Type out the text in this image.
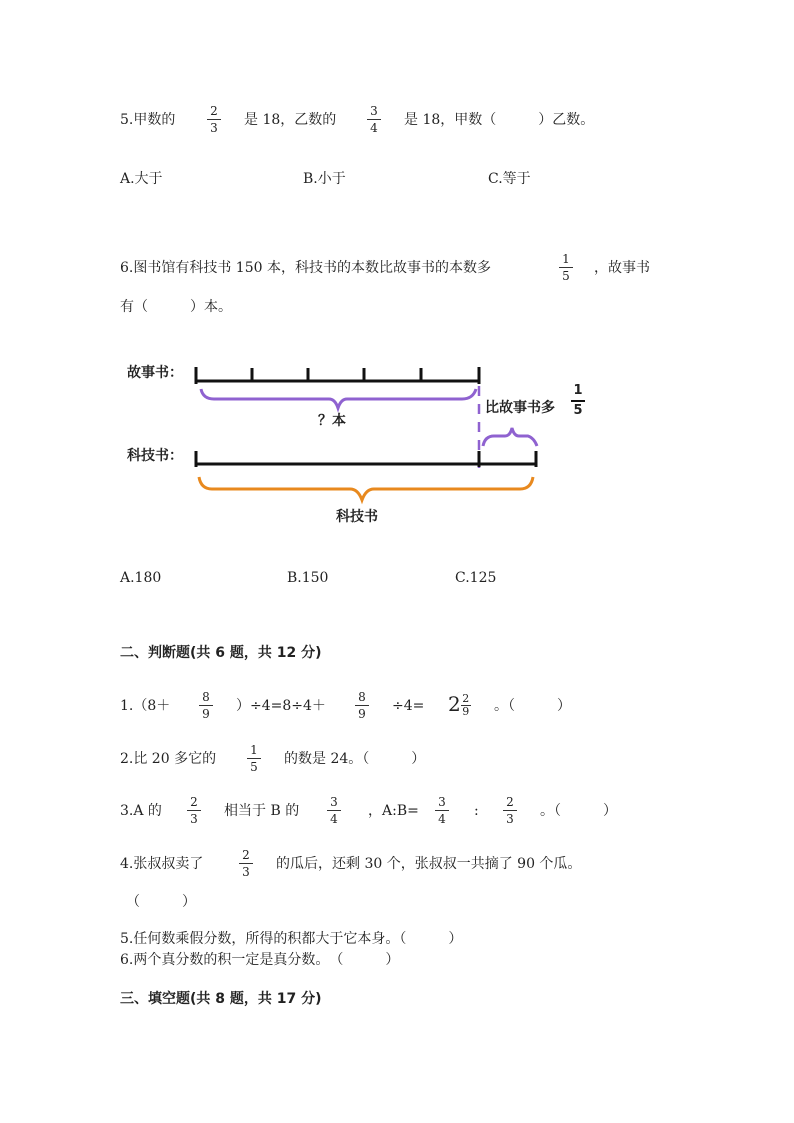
5.甲数的
2
3 是 18，乙数的
3
4 是 18，甲数（　　　）乙数。
A.大于	B.小于	C.等于
6.图书馆有科技书 150 本，科技书的本数比故事书的本数多
1
5 ，故事书
有（　　　）本。
故事书：
？本
比故事书多
1
5
科技书：
科技书
A.180	B.150	C.125
二、判断题(共 6 题，共 12 分)
1.（8＋
8
9 ）÷4=8÷4＋
8
$9 \div 4= 2 \frac{2}{9}$ 。（　　　）
2.比 20 多它的
1
5 的数是 24。（　　　）
3.A 的
2
3 相当于 B 的
3
4 ，A:B=
3
4 :
2
3 。（　　　）
4.张叔叔卖了
2
3 的瓜后，还剩 30 个，张叔叔一共摘了 90 个瓜。
（　　　）
5.任何数乘假分数，所得的积都大于它本身。（　　　）
6.两个真分数的积一定是真分数。　（　　　）
三、填空题(共 8 题，共 17 分)
